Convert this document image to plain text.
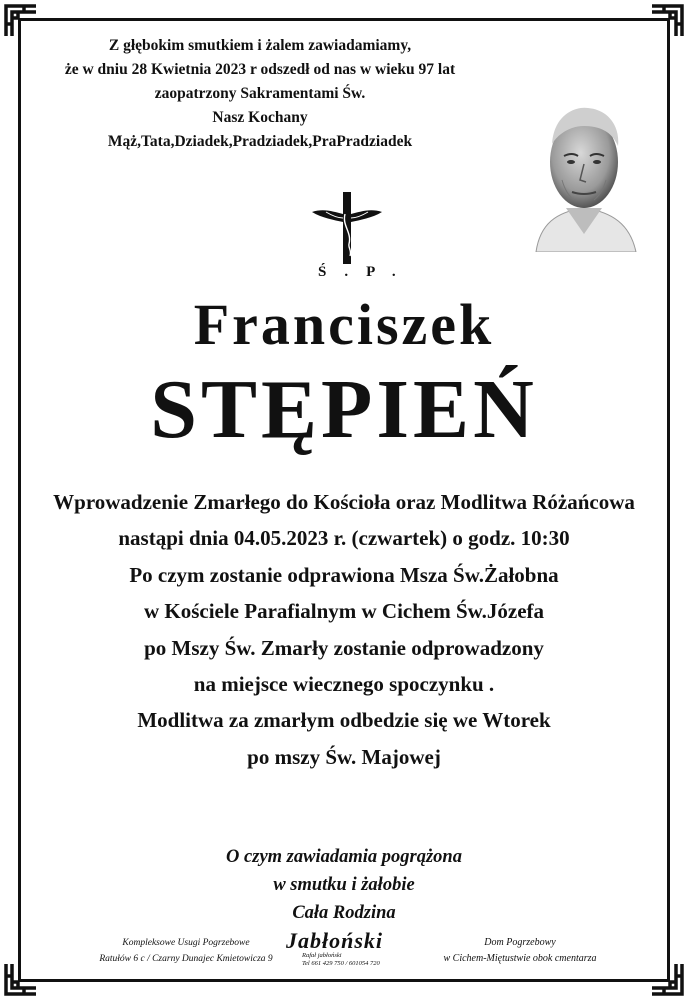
Z głębokim smutkiem i żalem zawiadamiamy,
że w dniu 28 Kwietnia 2023 r odszedł od nas w wieku 97 lat
zaopatrzony Sakramentami Św.
Nasz Kochany
Mąż,Tata,Dziadek,Pradziadek,PraPradziadek
Ś.P.
Franciszek
STĘPIEŃ
Wprowadzenie Zmarłego do Kościoła oraz Modlitwa Różańcowa
nastąpi dnia 04.05.2023 r. (czwartek) o godz. 10:30
Po czym zostanie odprawiona Msza Św.Żałobna
w Kościele Parafialnym w Cichem Św.Józefa
po Mszy Św. Zmarły zostanie odprowadzony
na miejsce wiecznego spoczynku .
Modlitwa za zmarłym odbedzie się we Wtorek
po mszy Św. Majowej
O czym zawiadamia pogrążona
w smutku i żałobie
Cała Rodzina
Kompleksowe Usugi Pogrzebowe
Ratułów 6 c / Czarny Dunajec Kmietowicza 9
Jabłoński
Rafał jabłoński
Tel 661 429 750 / 601054 720
Dom Pogrzebowy
w Cichem-Miętustwie obok cmentarza
